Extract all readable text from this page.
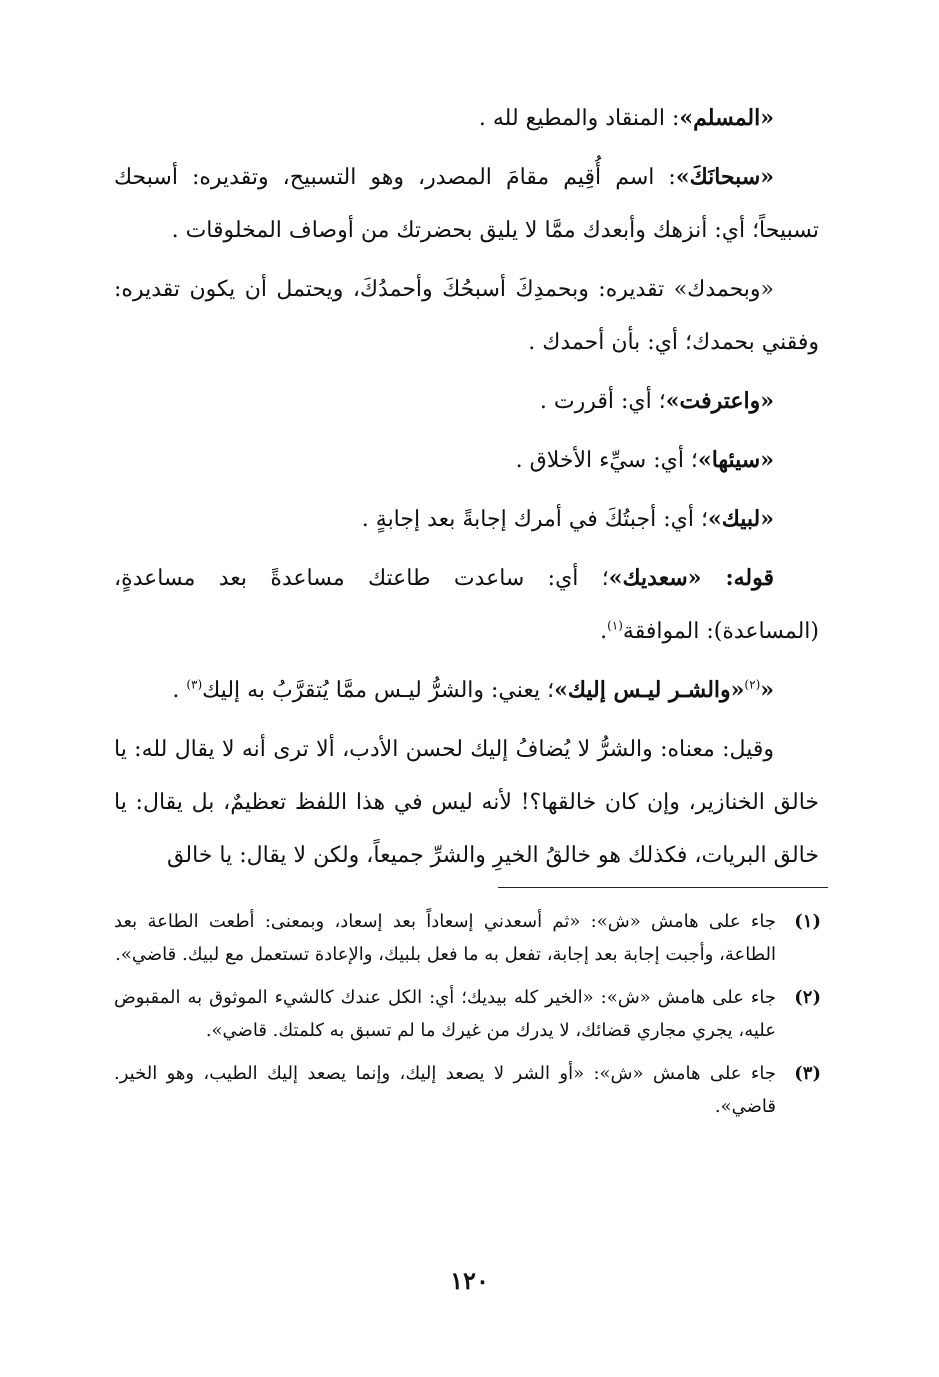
«المسلم»: المنقاد والمطيع لله .

«سبحانَكَ»: اسم أُقِيم مقامَ المصدر، وهو التسبيح، وتقديره: أسبحك تسبيحاً؛ أي: أنزهك وأبعدك ممَّا لا يليق بحضرتك من أوصاف المخلوقات .

«وبحمدك» تقديره: وبحمدِكَ أسبحُكَ وأحمدُكَ، ويحتمل أن يكون تقديره: وفقني بحمدك؛ أي: بأن أحمدك .

«واعترفت»؛ أي: أقررت .

«سيئها»؛ أي: سيِّء الأخلاق .

«لبيك»؛ أي: أجبتُكَ في أمرك إجابةً بعد إجابةٍ .

قوله: «سعديك»؛ أي: ساعدت طاعتك مساعدةً بعد مساعدةٍ، (المساعدة): الموافقة$^{(١)}$.

«$^{(٢)}$«والشـر ليـس إليك»؛ يعني: والشرُّ ليـس ممَّا يُتقرَّبُ به إليك$^{(٣)}$ .

وقيل: معناه: والشرُّ لا يُضافُ إليك لحسن الأدب، ألا ترى أنه لا يقال لله: يا خالق الخنازير، وإن كان خالقها؟! لأنه ليس في هذا اللفظ تعظيمٌ، بل يقال: يا خالق البريات، فكذلك هو خالقُ الخيرِ والشرِّ جميعاً، ولكن لا يقال: يا خالق

(١)
جاء على هامش «ش»: «ثم أسعدني إسعاداً بعد إسعاد، وبمعنى: أطعت الطاعة بعد الطاعة، وأجبت إجابة بعد إجابة، تفعل به ما فعل بلبيك، والإعادة تستعمل مع لبيك. قاضي».
(٢)
جاء على هامش «ش»: «الخير كله بيديك؛ أي: الكل عندك كالشيء الموثوق به المقبوض عليه، يجري مجاري قضائك، لا يدرك من غيرك ما لم تسبق به كلمتك. قاضي».
(٣)
جاء على هامش «ش»: «أو الشر لا يصعد إليك، وإنما يصعد إليك الطيب، وهو الخير. قاضي».
١٢٠
